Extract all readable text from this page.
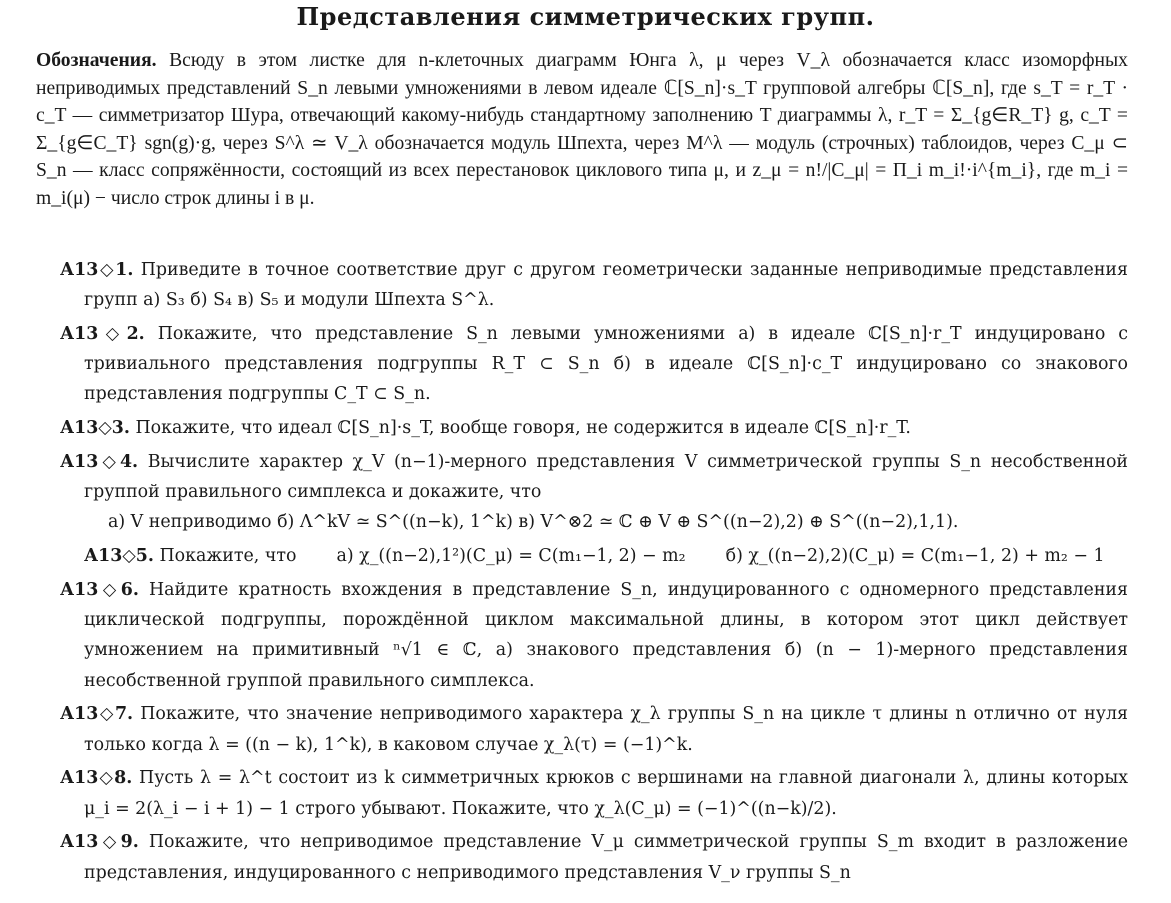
Представления симметрических групп.
Обозначения. Всюду в этом листке для n-клеточных диаграмм Юнга λ, μ через V_λ обозначается класс изоморфных неприводимых представлений S_n левыми умножениями в левом идеале ℂ[S_n]·s_T групповой алгебры ℂ[S_n], где s_T = r_T · c_T — симметризатор Шура, отвечающий какому-нибудь стандартному заполнению T диаграммы λ, r_T = Σ_{g∈R_T} g, c_T = Σ_{g∈C_T} sgn(g)·g, через S^λ ≃ V_λ обозначается модуль Шпехта, через M^λ — модуль (строчных) таблоидов, через C_μ ⊂ S_n — класс сопряжённости, состоящий из всех перестановок циклового типа μ, и z_μ = n!/|C_μ| = Π_i m_i!·i^{m_i}, где m_i = m_i(μ) − число строк длины i в μ.
А13◇1. Приведите в точное соответствие друг с другом геометрически заданные неприводимые представления групп а) S₃ б) S₄ в) S₅ и модули Шпехта S^λ.
А13◇2. Покажите, что представление S_n левыми умножениями а) в идеале ℂ[S_n]·r_T индуцировано с тривиального представления подгруппы R_T ⊂ S_n б) в идеале ℂ[S_n]·c_T индуцировано со знакового представления подгруппы C_T ⊂ S_n.
А13◇3. Покажите, что идеал ℂ[S_n]·s_T, вообще говоря, не содержится в идеале ℂ[S_n]·r_T.
А13◇4. Вычислите характер χ_V (n−1)-мерного представления V симметрической группы S_n несобственной группой правильного симплекса и докажите, что
а) V неприводимо б) Λ^kV ≃ S^((n−k), 1^k) в) V^⊗2 ≃ ℂ ⊕ V ⊕ S^((n−2),2) ⊕ S^((n−2),1,1).
А13◇5. Покажите, что а) χ_((n−2),1²)(C_μ) = C(m₁−1, 2) − m₂ б) χ_((n−2),2)(C_μ) = C(m₁−1, 2) + m₂ − 1
А13◇6. Найдите кратность вхождения в представление S_n, индуцированного с одномерного представления циклической подгруппы, порождённой циклом максимальной длины, в котором этот цикл действует умножением на примитивный ⁿ√1 ∈ ℂ, а) знакового представления б) (n − 1)-мерного представления несобственной группой правильного симплекса.
А13◇7. Покажите, что значение неприводимого характера χ_λ группы S_n на цикле τ длины n отлично от нуля только когда λ = ((n − k), 1^k), в каковом случае χ_λ(τ) = (−1)^k.
А13◇8. Пусть λ = λ^t состоит из k симметричных крюков с вершинами на главной диагонали λ, длины которых μ_i = 2(λ_i − i + 1) − 1 строго убывают. Покажите, что χ_λ(C_μ) = (−1)^((n−k)/2).
А13◇9. Покажите, что неприводимое представление V_μ симметрической группы S_m входит в разложение представления, индуцированного с неприводимого представления V_ν группы S_n
